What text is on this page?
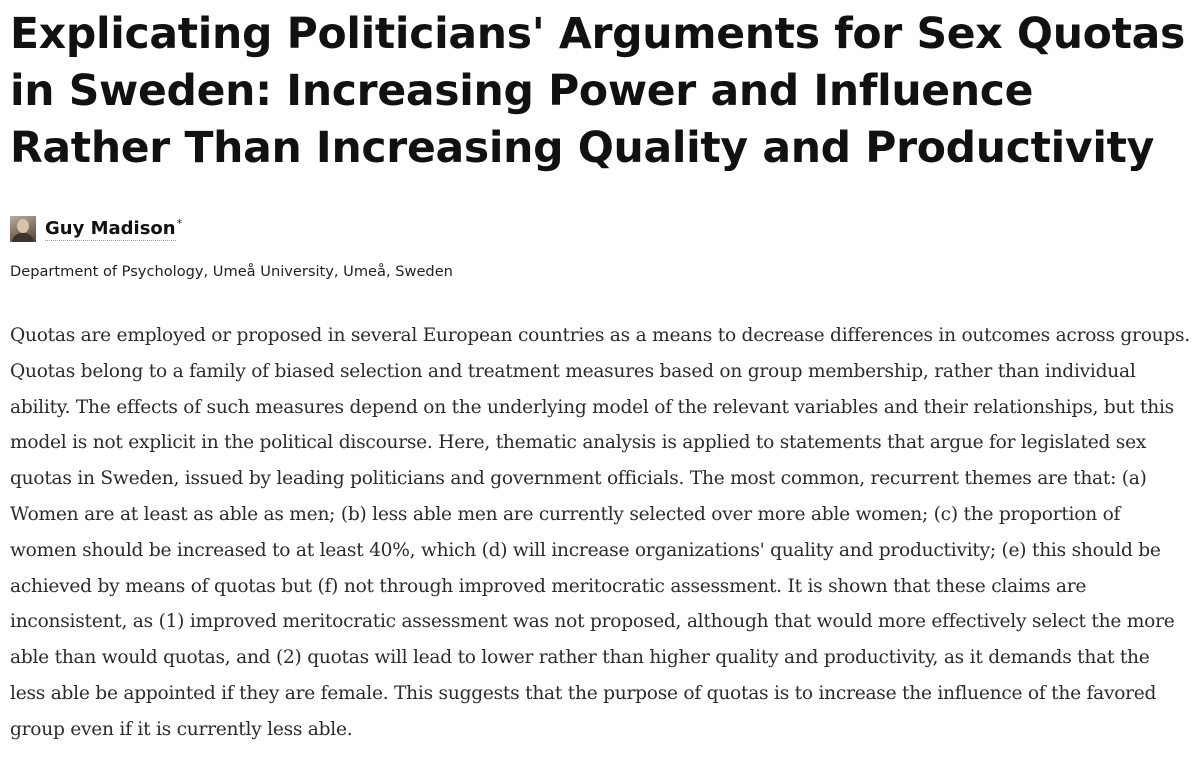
Explicating Politicians' Arguments for Sex Quotas in Sweden: Increasing Power and Influence Rather Than Increasing Quality and Productivity
Guy Madison *
Department of Psychology, Umeå University, Umeå, Sweden

Quotas are employed or proposed in several European countries as a means to decrease differences in outcomes across groups. Quotas belong to a family of biased selection and treatment measures based on group membership, rather than individual ability. The effects of such measures depend on the underlying model of the relevant variables and their relationships, but this model is not explicit in the political discourse. Here, thematic analysis is applied to statements that argue for legislated sex quotas in Sweden, issued by leading politicians and government officials. The most common, recurrent themes are that: (a) Women are at least as able as men; (b) less able men are currently selected over more able women; (c) the proportion of women should be increased to at least 40%, which (d) will increase organizations' quality and productivity; (e) this should be achieved by means of quotas but (f) not through improved meritocratic assessment. It is shown that these claims are inconsistent, as (1) improved meritocratic assessment was not proposed, although that would more effectively select the more able than would quotas, and (2) quotas will lead to lower rather than higher quality and productivity, as it demands that the less able be appointed if they are female. This suggests that the purpose of quotas is to increase the influence of the favored group even if it is currently less able.
